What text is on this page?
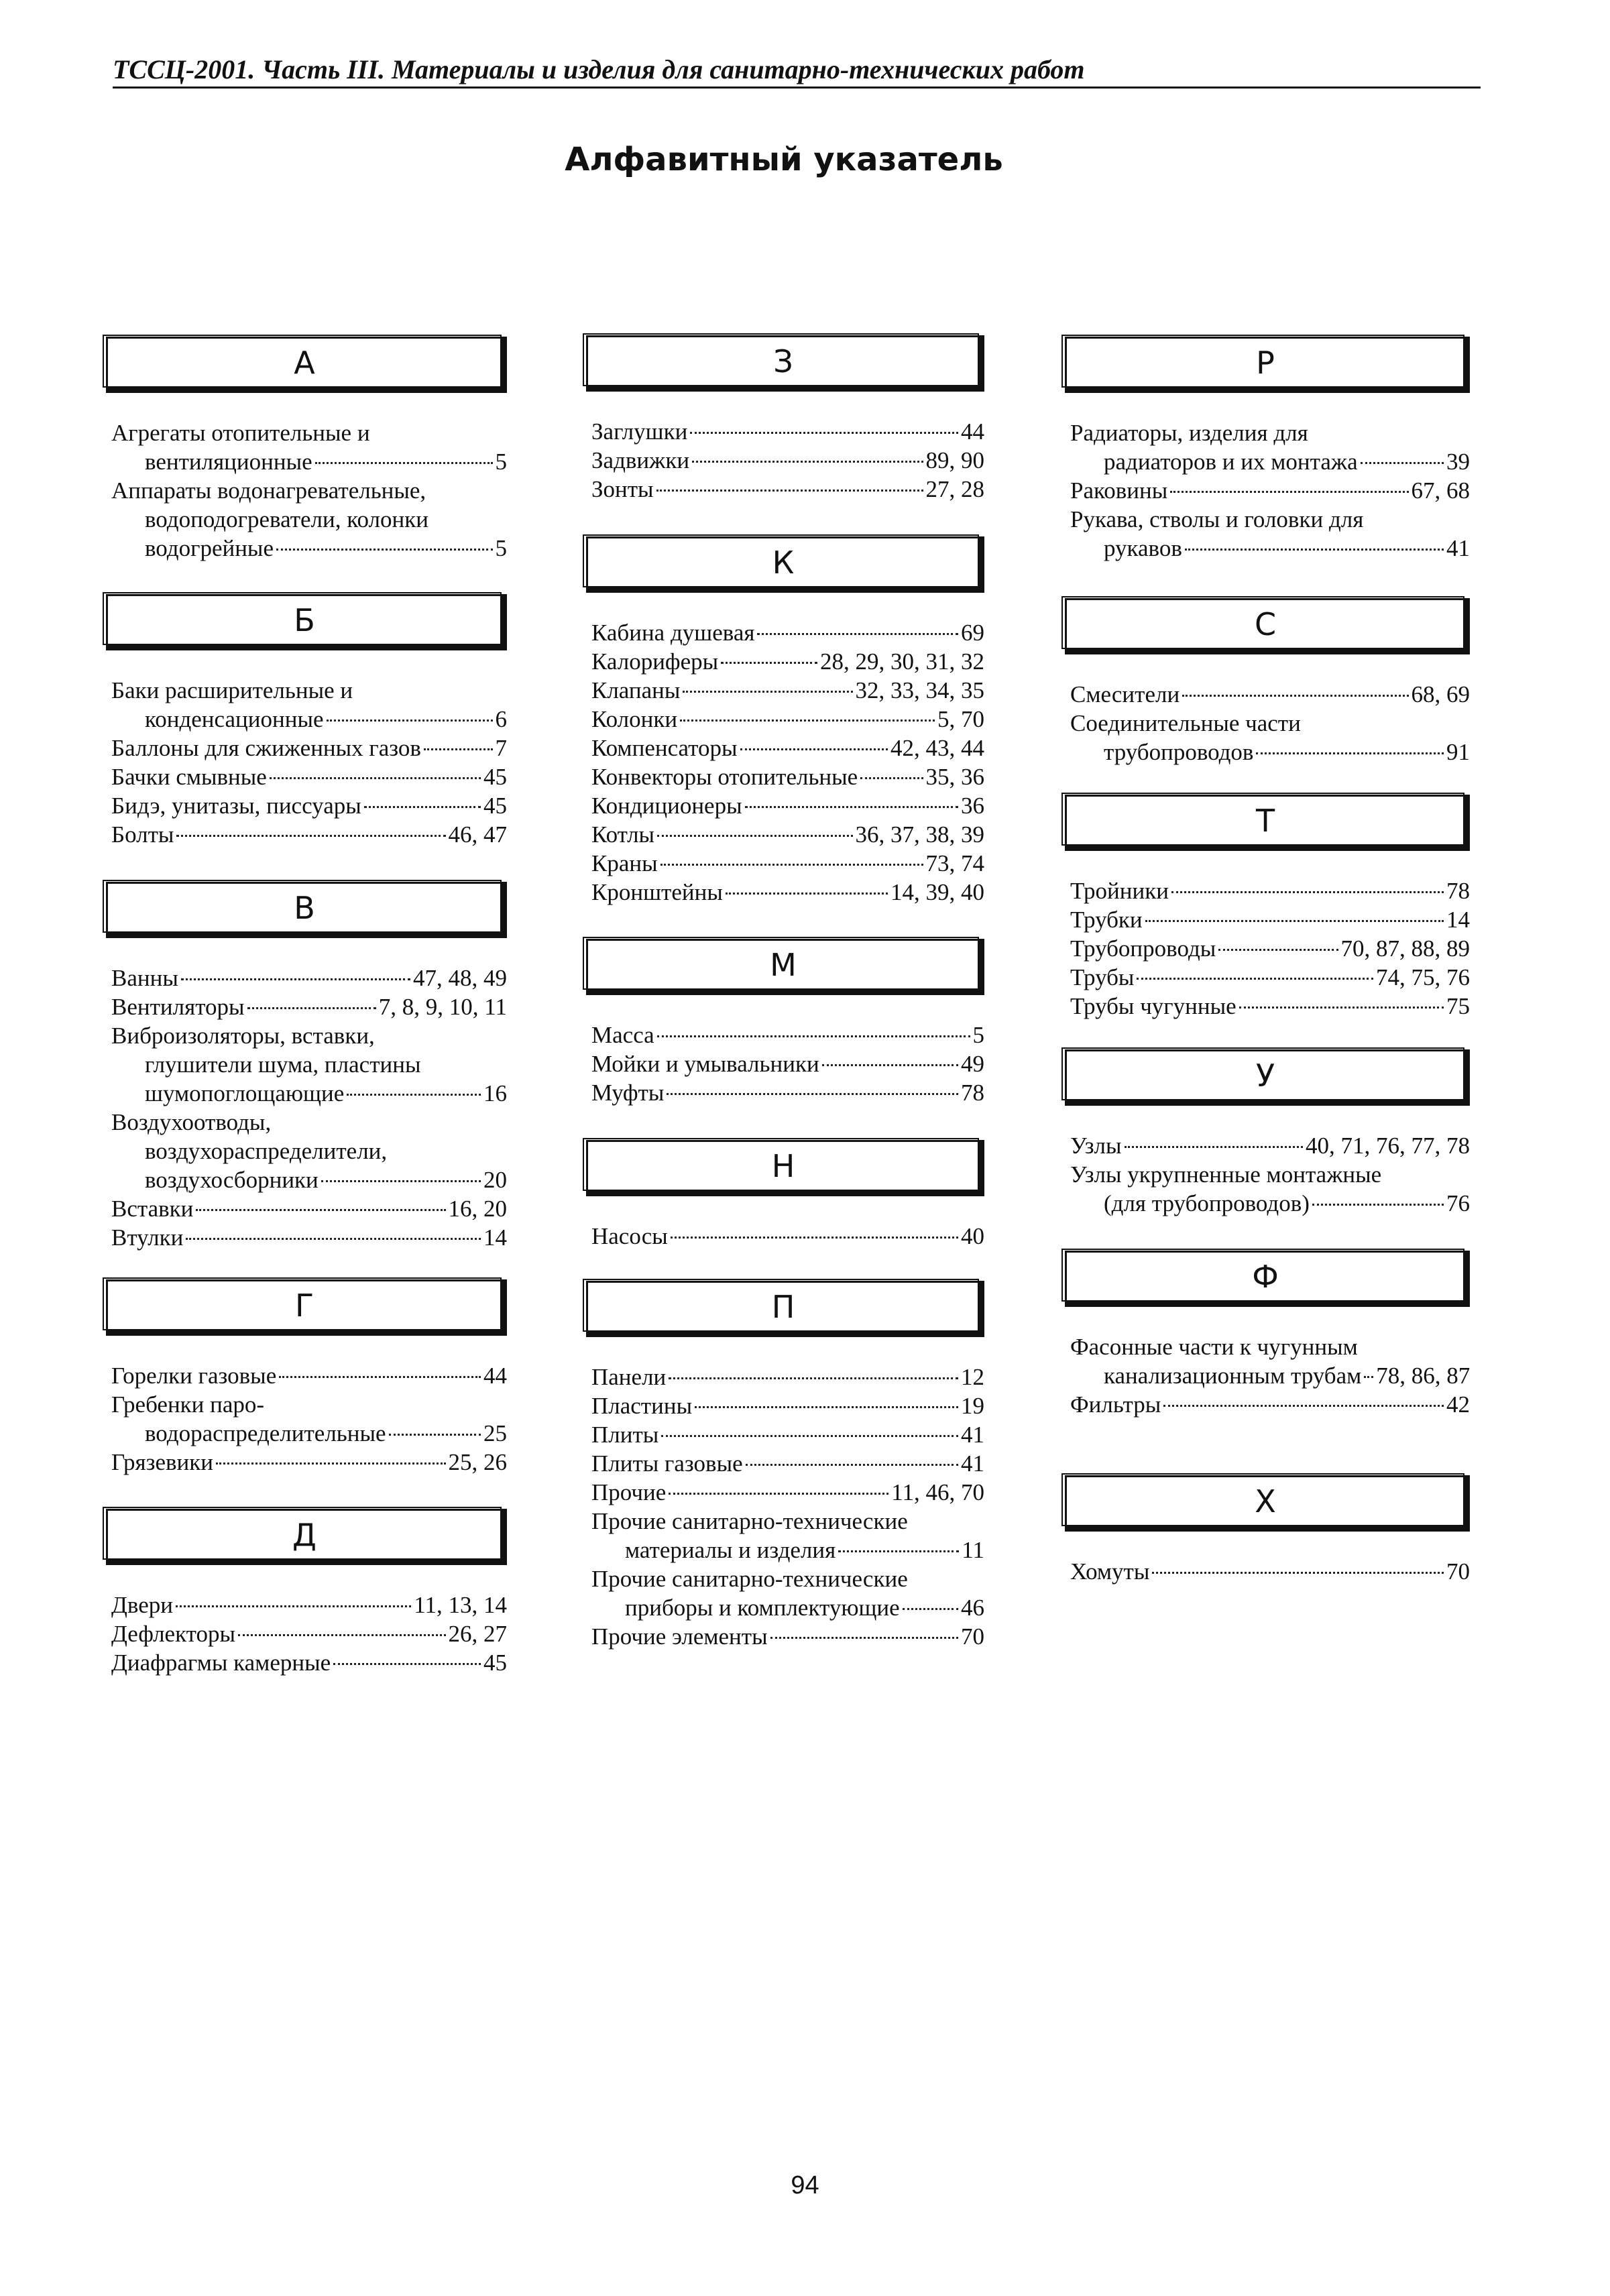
ТССЦ-2001. Часть III. Материалы и изделия для санитарно-технических работ
Алфавитный указатель
А
Агрегаты отопительные и
вентиляционные	5
Аппараты водонагревательные,
водоподогреватели, колонки
водогрейные	5
Б
Баки расширительные и
конденсационные	6
Баллоны для сжиженных газов	7
Бачки смывные	45
Бидэ, унитазы, писсуары	45
Болты	46, 47
В
Ванны	47, 48, 49
Вентиляторы	7, 8, 9, 10, 11
Виброизоляторы, вставки,
глушители шума, пластины
шумопоглощающие	16
Воздухоотводы,
воздухораспределители,
воздухосборники	20
Вставки	16, 20
Втулки	14
Г
Горелки газовые	44
Гребенки паро-
водораспределительные	25
Грязевики	25, 26
Д
Двери	11, 13, 14
Дефлекторы	26, 27
Диафрагмы камерные	45
З
Заглушки	44
Задвижки	89, 90
Зонты	27, 28
К
Кабина душевая	69
Калориферы	28, 29, 30, 31, 32
Клапаны	32, 33, 34, 35
Колонки	5, 70
Компенсаторы	42, 43, 44
Конвекторы отопительные	35, 36
Кондиционеры	36
Котлы	36, 37, 38, 39
Краны	73, 74
Кронштейны	14, 39, 40
М
Масса	5
Мойки и умывальники	49
Муфты	78
Н
Насосы	40
П
Панели	12
Пластины	19
Плиты	41
Плиты газовые	41
Прочие	11, 46, 70
Прочие санитарно-технические
материалы и изделия	11
Прочие санитарно-технические
приборы и комплектующие	46
Прочие элементы	70
Р
Радиаторы, изделия для
радиаторов и их монтажа	39
Раковины	67, 68
Рукава, стволы и головки для
рукавов	41
С
Смесители	68, 69
Соединительные части
трубопроводов	91
Т
Тройники	78
Трубки	14
Трубопроводы	70, 87, 88, 89
Трубы	74, 75, 76
Трубы чугунные	75
У
Узлы	40, 71, 76, 77, 78
Узлы укрупненные монтажные
(для трубопроводов)	76
Ф
Фасонные части к чугунным
канализационным трубам 78, 86, 87
Фильтры	42
Х
Хомуты	70
94
